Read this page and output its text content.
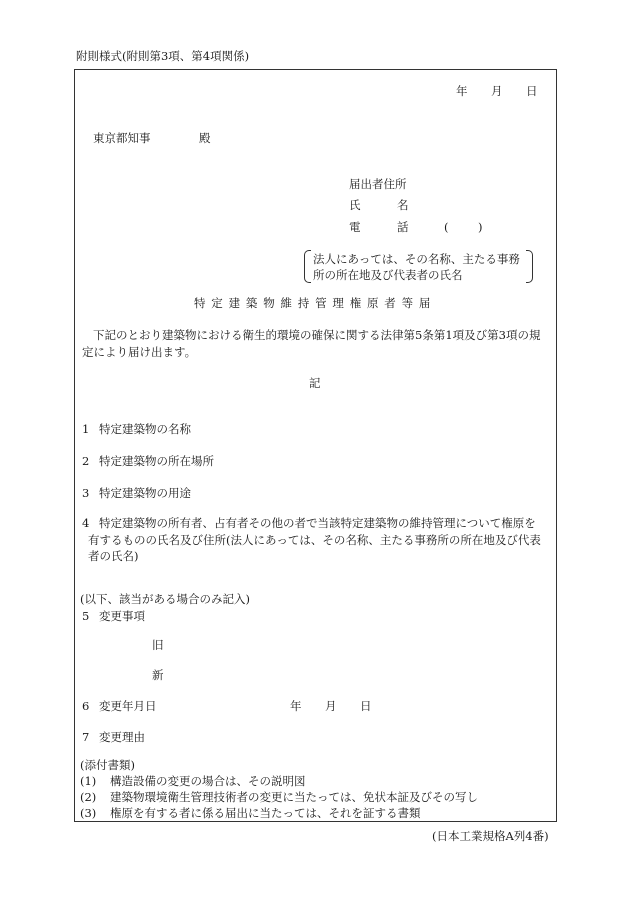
附則様式(附則第3項、第4項関係)
年 月 日
東京都知事	殿
届出者住所
氏	名
電	話	(	)
法人にあっては、その名称、主たる事務
所の所在地及び代表者の氏名
特定建築物維持管理権原者等届
下記のとおり建築物における衛生的環境の確保に関する法律第5条第1項及び第3項の規
定により届け出ます。
記
1 特定建築物の名称
2 特定建築物の所在場所
3 特定建築物の用途
4 特定建築物の所有者、占有者その他の者で当該特定建築物の維持管理について権原を
有するものの氏名及び住所(法人にあっては、その名称、主たる事務所の所在地及び代表
者の氏名)
(以下、該当がある場合のみ記入)
5 変更事項
旧
新
6 変更年月日	年 月 日
7 変更理由
(添付書類)
(1) 構造設備の変更の場合は、その説明図
(2) 建築物環境衛生管理技術者の変更に当たっては、免状本証及びその写し
(3) 権原を有する者に係る届出に当たっては、それを証する書類
(日本工業規格A列4番)
